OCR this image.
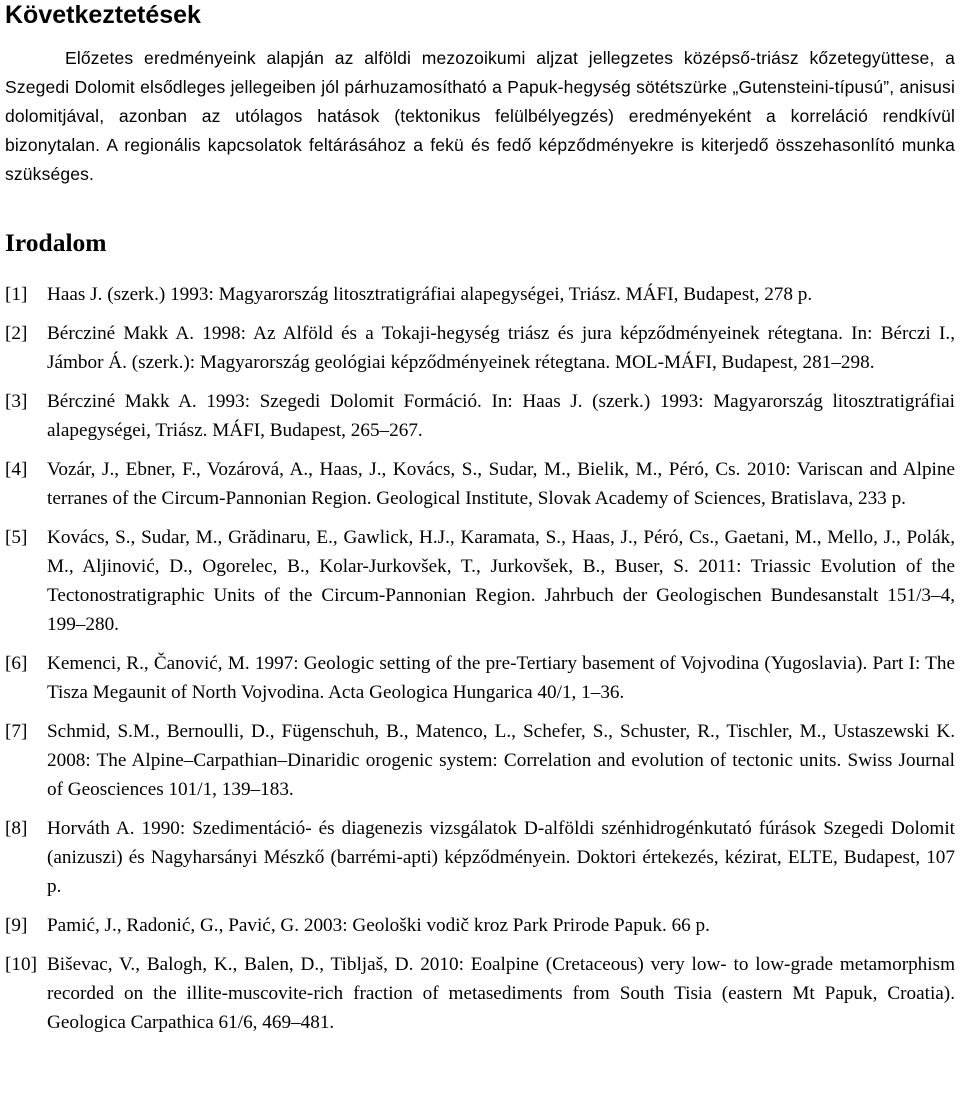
Következtetések

Előzetes eredményeink alapján az alföldi mezozoikumi aljzat jellegzetes középső-triász kőzetegyüttese, a Szegedi Dolomit elsődleges jellegeiben jól párhuzamosítható a Papuk-hegység sötétszürke „Gutensteini-típusú”, anisusi dolomitjával, azonban az utólagos hatások (tektonikus felülbélyegzés) eredményeként a korreláció rendkívül bizonytalan. A regionális kapcsolatok feltárásához a fekü és fedő képződményekre is kiterjedő összehasonlító munka szükséges.

Irodalom
[1]	Haas J. (szerk.) 1993: Magyarország litosztratigráfiai alapegységei, Triász. MÁFI, Budapest, 278 p.
[2]	Bércziné Makk A. 1998: Az Alföld és a Tokaji-hegység triász és jura képződményeinek rétegtana. In: Bérczi I., Jámbor Á. (szerk.): Magyarország geológiai képződményeinek rétegtana. MOL-MÁFI, Budapest, 281–298.
[3]	Bércziné Makk A. 1993: Szegedi Dolomit Formáció. In: Haas J. (szerk.) 1993: Magyarország litosztratigráfiai alapegységei, Triász. MÁFI, Budapest, 265–267.
[4]	Vozár, J., Ebner, F., Vozárová, A., Haas, J., Kovács, S., Sudar, M., Bielik, M., Péró, Cs. 2010: Variscan and Alpine terranes of the Circum-Pannonian Region. Geological Institute, Slovak Academy of Sciences, Bratislava, 233 p.
[5]	Kovács, S., Sudar, M., Grădinaru, E., Gawlick, H.J., Karamata, S., Haas, J., Péró, Cs., Gaetani, M., Mello, J., Polák, M., Aljinović, D., Ogorelec, B., Kolar-Jurkovšek, T., Jurkovšek, B., Buser, S. 2011: Triassic Evolution of the Tectonostratigraphic Units of the Circum-Pannonian Region. Jahrbuch der Geologischen Bundesanstalt 151/3–4, 199–280.
[6]	Kemenci, R., Čanović, M. 1997: Geologic setting of the pre-Tertiary basement of Vojvodina (Yugoslavia). Part I: The Tisza Megaunit of North Vojvodina. Acta Geologica Hungarica 40/1, 1–36.
[7]	Schmid, S.M., Bernoulli, D., Fügenschuh, B., Matenco, L., Schefer, S., Schuster, R., Tischler, M., Ustaszewski K. 2008: The Alpine–Carpathian–Dinaridic orogenic system: Correlation and evolution of tectonic units. Swiss Journal of Geosciences 101/1, 139–183.
[8]	Horváth A. 1990: Szedimentáció- és diagenezis vizsgálatok D-alföldi szénhidrogénkutató fúrások Szegedi Dolomit (anizuszi) és Nagyharsányi Mészkő (barrémi-apti) képződményein. Doktori értekezés, kézirat, ELTE, Budapest, 107 p.
[9]	Pamić, J., Radonić, G., Pavić, G. 2003: Geološki vodič kroz Park Prirode Papuk. 66 p.
[10] Biševac, V., Balogh, K., Balen, D., Tibljaš, D. 2010: Eoalpine (Cretaceous) very low- to low-grade metamorphism recorded on the illite-muscovite-rich fraction of metasediments from South Tisia (eastern Mt Papuk, Croatia). Geologica Carpathica 61/6, 469–481.
